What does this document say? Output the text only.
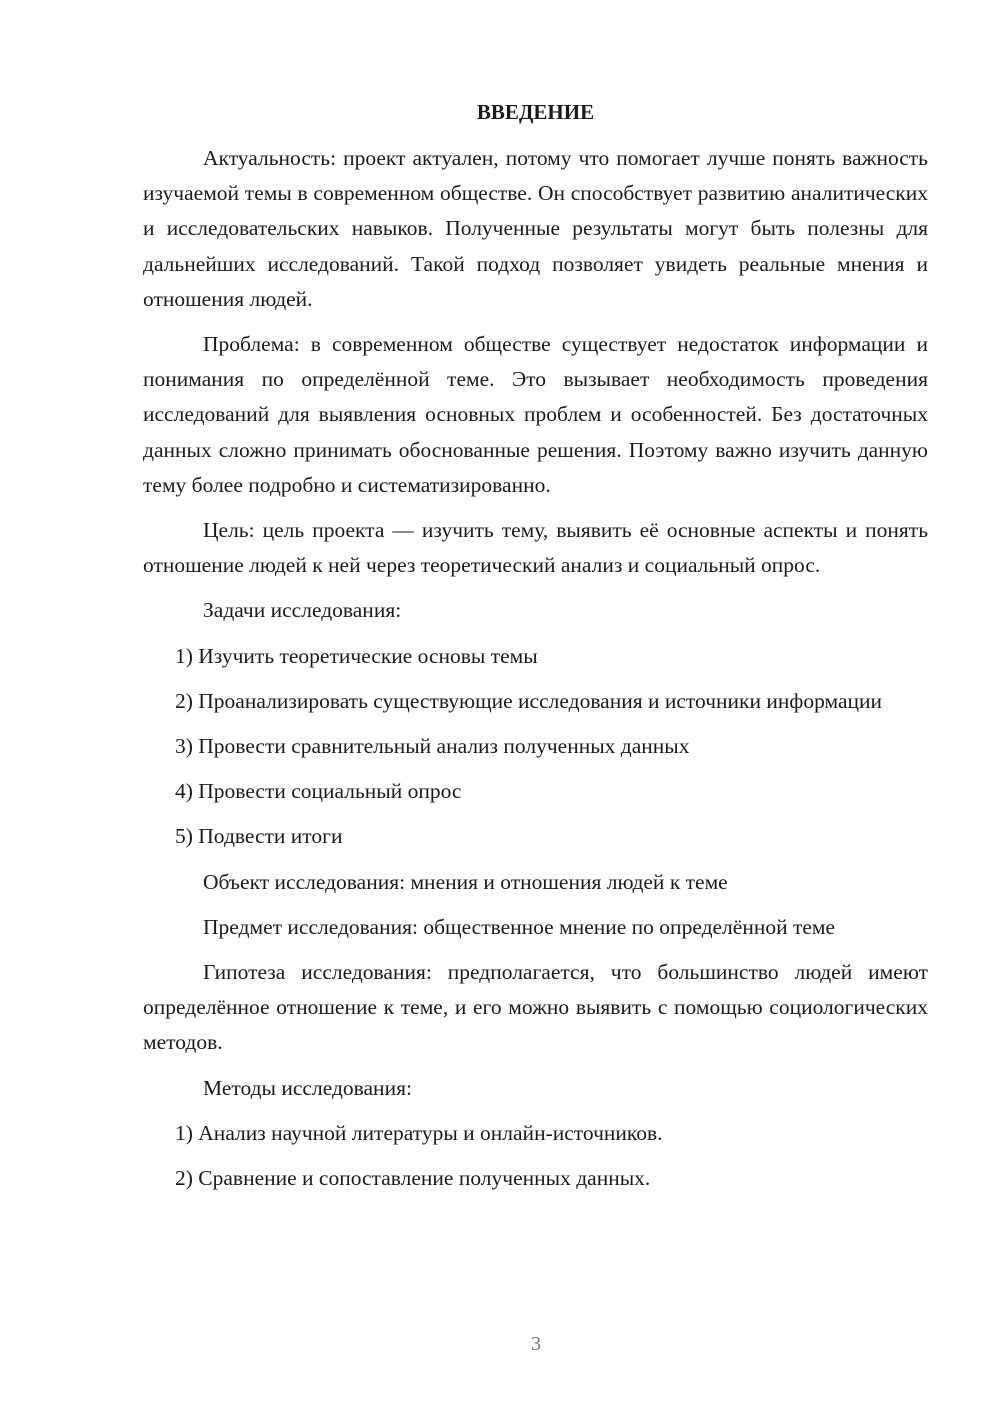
ВВЕДЕНИЕ

Актуальность: проект актуален, потому что помогает лучше понять важность изучаемой темы в современном обществе. Он способствует развитию аналитических и исследовательских навыков. Полученные результаты могут быть полезны для дальнейших исследований. Такой подход позволяет увидеть реальные мнения и отношения людей.

Проблема: в современном обществе существует недостаток информации и понимания по определённой теме. Это вызывает необходимость проведения исследований для выявления основных проблем и особенностей. Без достаточных данных сложно принимать обоснованные решения. Поэтому важно изучить данную тему более подробно и систематизированно.

Цель: цель проекта — изучить тему, выявить её основные аспекты и понять отношение людей к ней через теоретический анализ и социальный опрос.

Задачи исследования:

1) Изучить теоретические основы темы

2) Проанализировать существующие исследования и источники информации

3) Провести сравнительный анализ полученных данных

4) Провести социальный опрос

5) Подвести итоги

Объект исследования: мнения и отношения людей к теме

Предмет исследования: общественное мнение по определённой теме

Гипотеза исследования: предполагается, что большинство людей имеют определённое отношение к теме, и его можно выявить с помощью социологических методов.

Методы исследования:

1) Анализ научной литературы и онлайн-источников.

2) Сравнение и сопоставление полученных данных.

3
